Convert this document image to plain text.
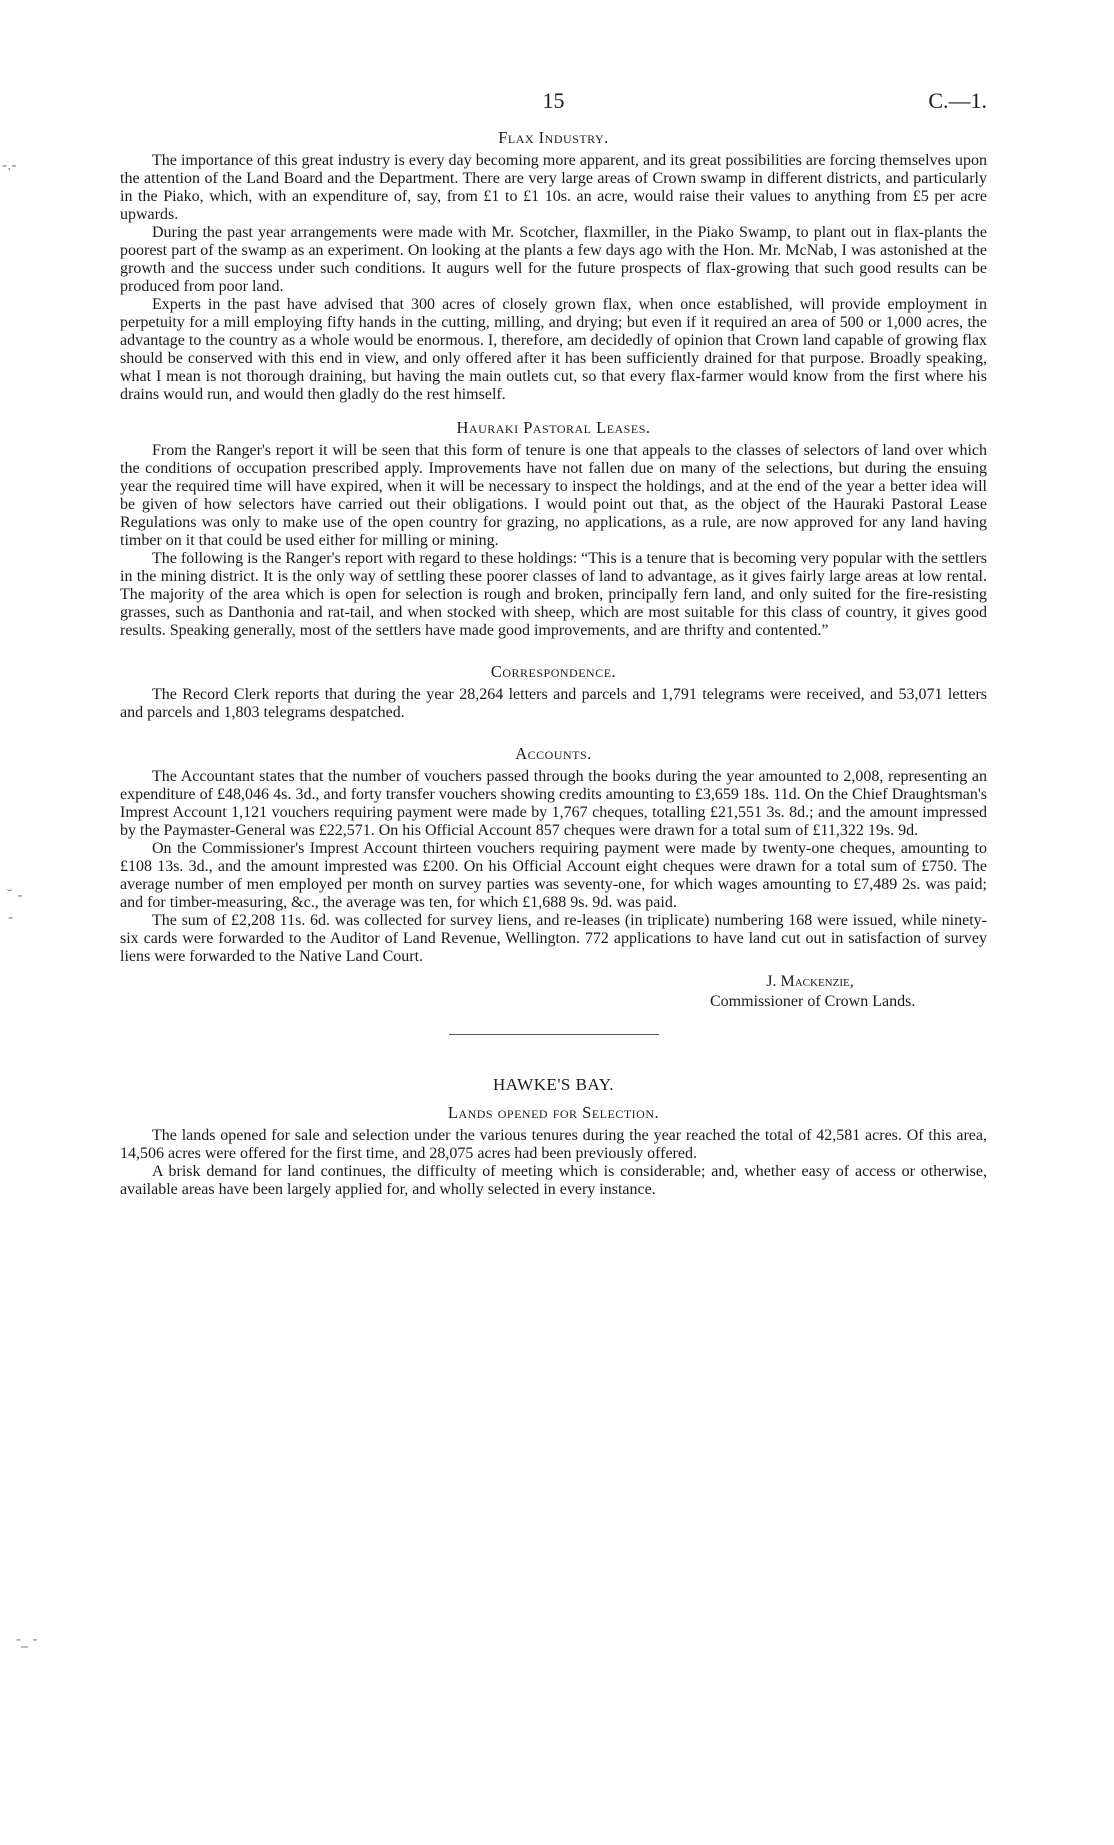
-.-
˘ -
-
-_ -
15	C.—1.
Flax Industry.

The importance of this great industry is every day becoming more apparent, and its great possibilities are forcing themselves upon the attention of the Land Board and the Department. There are very large areas of Crown swamp in different districts, and particularly in the Piako, which, with an expenditure of, say, from £1 to £1 10s. an acre, would raise their values to anything from £5 per acre upwards.

During the past year arrangements were made with Mr. Scotcher, flaxmiller, in the Piako Swamp, to plant out in flax-plants the poorest part of the swamp as an experiment. On looking at the plants a few days ago with the Hon. Mr. McNab, I was astonished at the growth and the success under such conditions. It augurs well for the future prospects of flax-growing that such good results can be produced from poor land.

Experts in the past have advised that 300 acres of closely grown flax, when once established, will provide employment in perpetuity for a mill employing fifty hands in the cutting, milling, and drying; but even if it required an area of 500 or 1,000 acres, the advantage to the country as a whole would be enormous. I, therefore, am decidedly of opinion that Crown land capable of growing flax should be conserved with this end in view, and only offered after it has been sufficiently drained for that purpose. Broadly speaking, what I mean is not thorough draining, but having the main outlets cut, so that every flax-farmer would know from the first where his drains would run, and would then gladly do the rest himself.

Hauraki Pastoral Leases.

From the Ranger's report it will be seen that this form of tenure is one that appeals to the classes of selectors of land over which the conditions of occupation prescribed apply. Improvements have not fallen due on many of the selections, but during the ensuing year the required time will have expired, when it will be necessary to inspect the holdings, and at the end of the year a better idea will be given of how selectors have carried out their obligations. I would point out that, as the object of the Hauraki Pastoral Lease Regulations was only to make use of the open country for grazing, no applications, as a rule, are now approved for any land having timber on it that could be used either for milling or mining.

The following is the Ranger's report with regard to these holdings: “This is a tenure that is becoming very popular with the settlers in the mining district. It is the only way of settling these poorer classes of land to advantage, as it gives fairly large areas at low rental. The majority of the area which is open for selection is rough and broken, principally fern land, and only suited for the fire-resisting grasses, such as Danthonia and rat-tail, and when stocked with sheep, which are most suitable for this class of country, it gives good results. Speaking generally, most of the settlers have made good improvements, and are thrifty and contented.”

Correspondence.

The Record Clerk reports that during the year 28,264 letters and parcels and 1,791 telegrams were received, and 53,071 letters and parcels and 1,803 telegrams despatched.

Accounts.

The Accountant states that the number of vouchers passed through the books during the year amounted to 2,008, representing an expenditure of £48,046 4s. 3d., and forty transfer vouchers showing credits amounting to £3,659 18s. 11d. On the Chief Draughtsman's Imprest Account 1,121 vouchers requiring payment were made by 1,767 cheques, totalling £21,551 3s. 8d.; and the amount impressed by the Paymaster-General was £22,571. On his Official Account 857 cheques were drawn for a total sum of £11,322 19s. 9d.

On the Commissioner's Imprest Account thirteen vouchers requiring payment were made by twenty-one cheques, amounting to £108 13s. 3d., and the amount imprested was £200. On his Official Account eight cheques were drawn for a total sum of £750. The average number of men employed per month on survey parties was seventy-one, for which wages amounting to £7,489 2s. was paid; and for timber-measuring, &c., the average was ten, for which £1,688 9s. 9d. was paid.

The sum of £2,208 11s. 6d. was collected for survey liens, and re-leases (in triplicate) numbering 168 were issued, while ninety-six cards were forwarded to the Auditor of Land Revenue, Wellington. 772 applications to have land cut out in satisfaction of survey liens were forwarded to the Native Land Court.

J. Mackenzie,
Commissioner of Crown Lands.
HAWKE'S BAY.
Lands opened for Selection.

The lands opened for sale and selection under the various tenures during the year reached the total of 42,581 acres. Of this area, 14,506 acres were offered for the first time, and 28,075 acres had been previously offered.

A brisk demand for land continues, the difficulty of meeting which is considerable; and, whether easy of access or otherwise, available areas have been largely applied for, and wholly selected in every instance.
